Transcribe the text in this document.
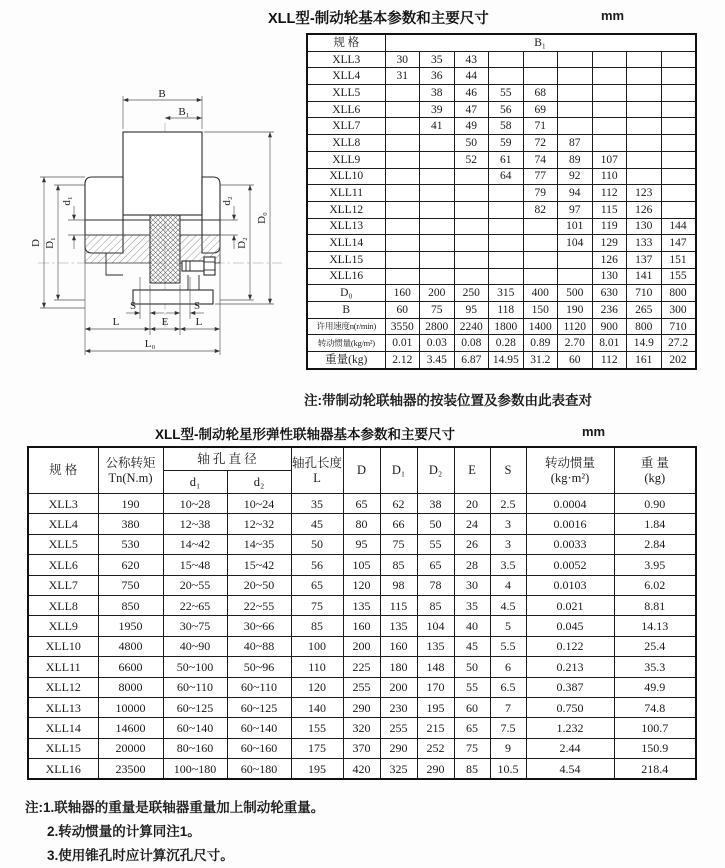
XLL型-制动轮基本参数和主要尺寸	mm
B
B₁
D D₁
d₁	d₂
D₂
D₀
S	S
L	E L
L₀
规 格	B₁								
XLL3	30	35	43						
XLL4	31	36	44						
XLL5		38	46	55	68				
XLL6		39	47	56	69				
XLL7		41	49	58	71				
XLL8			50	59	72	87			
XLL9			52	61	74	89	107		
XLL10				64	77	92	110		
XLL11					79	94	112	123	
XLL12					82	97	115	126	
XLL13						101	119	130	144
XLL14						104	129	133	147
XLL15							126	137	151
XLL16							130	141	155
D₀	160	200	250	315	400	500	630	710	800
B	60	75	95	118	150	190	236	265	300
许用速度n(r/min)	3550	2800	2240	1800	1400	1120	900	800	710
转动惯量(kg/m²)	0.01	0.03	0.08	0.28	0.89	2.70	8.01	14.9	27.2
重量(kg)	2.12	3.45	6.87	14.95	31.2	60	112	161	202
注:带制动轮联轴器的按装位置及参数由此表查对
XLL型-制动轮星形弹性联轴器基本参数和主要尺寸	mm
规 格	
公称转矩
Tn(N.m)
	轴 孔 直 径	轴孔长度
L
	D	D₁	D₂	E	S	
转动惯量
(kg·m²)

重 量
(kg)

		d₁	d₂								
XLL3	190	10~28	10~24	35	65	62	38	20	2.5	0.0004	0.90
XLL4	380	12~38	12~32	45	80	66	50	24	3	0.0016	1.84
XLL5	530	14~42	14~35	50	95	75	55	26	3	0.0033	2.84
XLL6	620	15~48	15~42	56	105	85	65	28	3.5	0.0052	3.95
XLL7	750	20~55	20~50	65	120	98	78	30	4	0.0103	6.02
XLL8	850	22~65	22~55	75	135	115	85	35	4.5	0.021	8.81
XLL9	1950	30~75	30~66	85	160	135	104	40	5	0.045	14.13
XLL10	4800	40~90	40~88	100	200	160	135	45	5.5	0.122	25.4
XLL11	6600	50~100	50~96	110	225	180	148	50	6	0.213	35.3
XLL12	8000	60~110	60~110	120	255	200	170	55	6.5	0.387	49.9
XLL13	10000	60~125	60~125	140	290	230	195	60	7	0.750	74.8
XLL14	14600	60~140	60~140	155	320	255	215	65	7.5	1.232	100.7
XLL15	20000	80~160	60~160	175	370	290	252	75	9	2.44	150.9
XLL16	23500	100~180	60~180	195	420	325	290	85	10.5	4.54	218.4
注:1.联轴器的重量是联轴器重量加上制动轮重量。
2.转动惯量的计算同注1。
3.使用锥孔时应计算沉孔尺寸。
